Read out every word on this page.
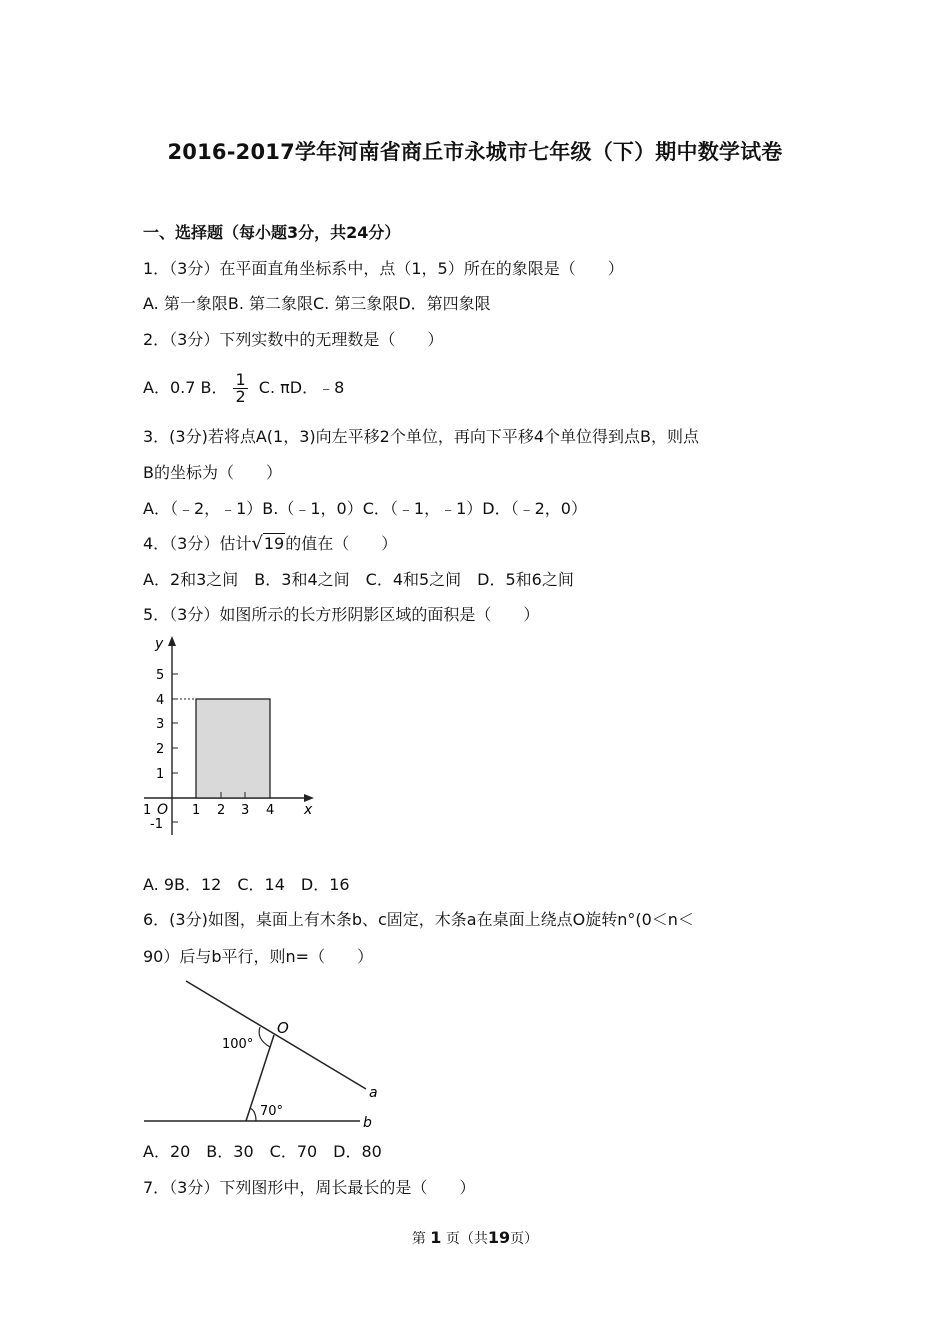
2016-2017学年河南省商丘市永城市七年级（下）期中数学试卷
一、选择题（每小题3分，共24分）
1．（3分）在平面直角坐标系中，点（1，5）所在的象限是（　　）
A. 第一象限B. 第二象限C. 第三象限D．第四象限
2．（3分）下列实数中的无理数是（　　）
A．0.7 B． $\frac{1}{2} C$. πD．﹣8
3．(3分)若将点A(1，3)向左平移2个单位，再向下平移4个单位得到点B，则点
B的坐标为（　　）
A．（﹣2，﹣1）B.（﹣1，0）C．（﹣1，﹣1）D．（﹣2，0）
4．（3分）估计√19的值在（　　）
A．2和3之间　B．3和4之间　C．4和5之间　D．5和6之间
5．（3分）如图所示的长方形阴影区域的面积是（　　）
y
x
O
5
4
3
2
1
-1
1	1 2 3 4
A. 9B．12　C．14　D．16
6．(3分)如图，桌面上有木条b、c固定，木条a在桌面上绕点O旋转n°(0＜n＜
90）后与b平行，则n=（　　）
O
100°
70°
a
b
A．20　B．30　C．70　D．80
7．（3分）下列图形中，周长最长的是（　　）
第 1 页（共19页）
